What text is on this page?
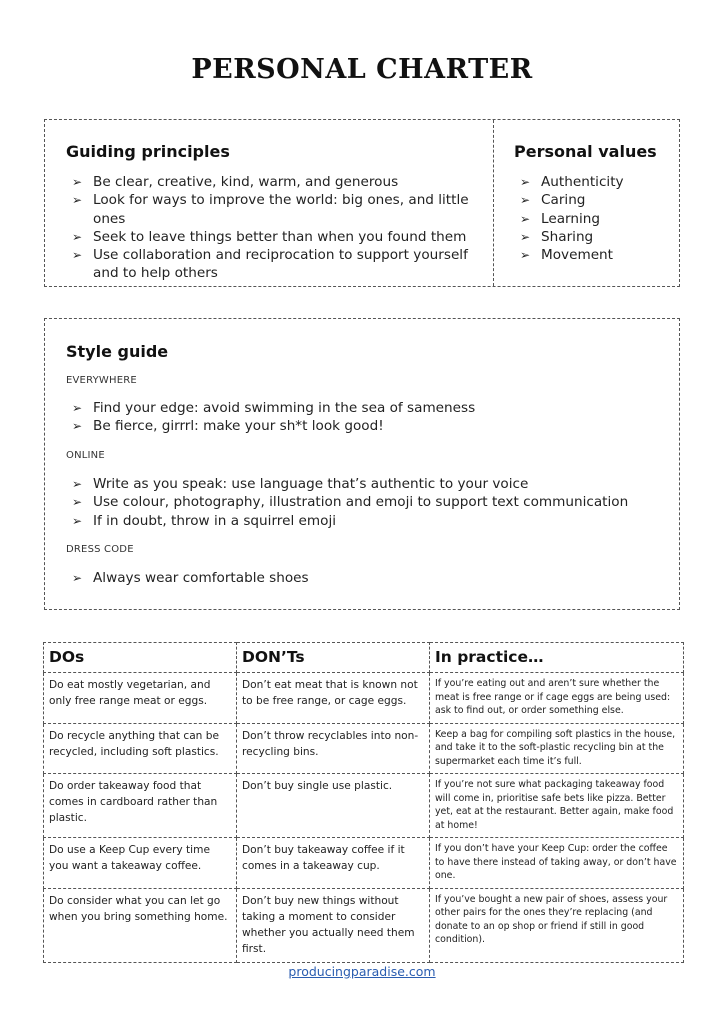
PERSONAL CHARTER
Guiding principles
➢ Be clear, creative, kind, warm, and generous
➢ Look for ways to improve the world: big ones, and little ones
➢ Seek to leave things better than when you found them
➢ Use collaboration and reciprocation to support yourself and to help others
Personal values
➢ Authenticity
➢ Caring
➢ Learning
➢ Sharing
➢ Movement
Style guide
EVERYWHERE
➢ Find your edge: avoid swimming in the sea of sameness
➢ Be fierce, girrrl: make your sh*t look good!
ONLINE
➢ Write as you speak: use language that’s authentic to your voice
➢ Use colour, photography, illustration and emoji to support text communication
➢ If in doubt, throw in a squirrel emoji
DRESS CODE
➢ Always wear comfortable shoes
DOs	DON’Ts	In practice…
Do eat mostly vegetarian, and only free range meat or eggs.	Don’t eat meat that is known not to be free range, or cage eggs.	If you’re eating out and aren’t sure whether the meat is free range or if cage eggs are being used: ask to find out, or order something else.
Do recycle anything that can be recycled, including soft plastics.	Don’t throw recyclables into non-recycling bins.	Keep a bag for compiling soft plastics in the house, and take it to the soft-plastic recycling bin at the supermarket each time it’s full.
Do order takeaway food that comes in cardboard rather than plastic.	Don’t buy single use plastic.	If you’re not sure what packaging takeaway food will come in, prioritise safe bets like pizza. Better yet, eat at the restaurant. Better again, make food at home!
Do use a Keep Cup every time you want a takeaway coffee.	Don’t buy takeaway coffee if it comes in a takeaway cup.	If you don’t have your Keep Cup: order the coffee to have there instead of taking away, or don’t have one.
Do consider what you can let go when you bring something home.	Don’t buy new things without taking a moment to consider whether you actually need them first.	If you’ve bought a new pair of shoes, assess your other pairs for the ones they’re replacing (and donate to an op shop or friend if still in good condition).
producingparadise.com
